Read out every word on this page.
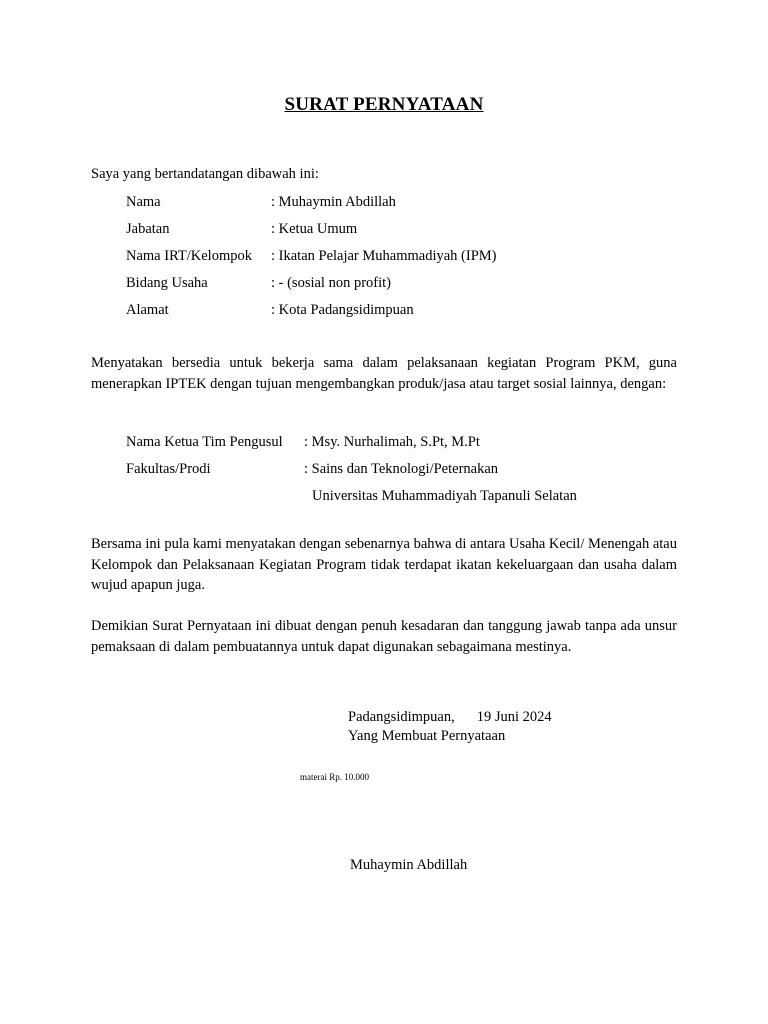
SURAT PERNYATAAN
Saya yang bertandatangan dibawah ini:
Nama	: Muhaymin Abdillah
Jabatan	: Ketua Umum
Nama IRT/Kelompok : Ikatan Pelajar Muhammadiyah (IPM)
Bidang Usaha	: - (sosial non profit)
Alamat	: Kota Padangsidimpuan
Menyatakan bersedia untuk bekerja sama dalam pelaksanaan kegiatan Program PKM, guna menerapkan IPTEK dengan tujuan mengembangkan produk/jasa atau target sosial lainnya, dengan:
Nama Ketua Tim Pengusul : Msy. Nurhalimah, S.Pt, M.Pt
Fakultas/Prodi	: Sains dan Teknologi/Peternakan
Universitas Muhammadiyah Tapanuli Selatan
Bersama ini pula kami menyatakan dengan sebenarnya bahwa di antara Usaha Kecil/ Menengah atau Kelompok dan Pelaksanaan Kegiatan Program tidak terdapat ikatan kekeluargaan dan usaha dalam wujud apapun juga.
Demikian Surat Pernyataan ini dibuat dengan penuh kesadaran dan tanggung jawab tanpa ada unsur pemaksaan di dalam pembuatannya untuk dapat digunakan sebagaimana mestinya.
Padangsidimpuan, 19 Juni 2024
Yang Membuat Pernyataan
materai Rp. 10.000
Muhaymin Abdillah
